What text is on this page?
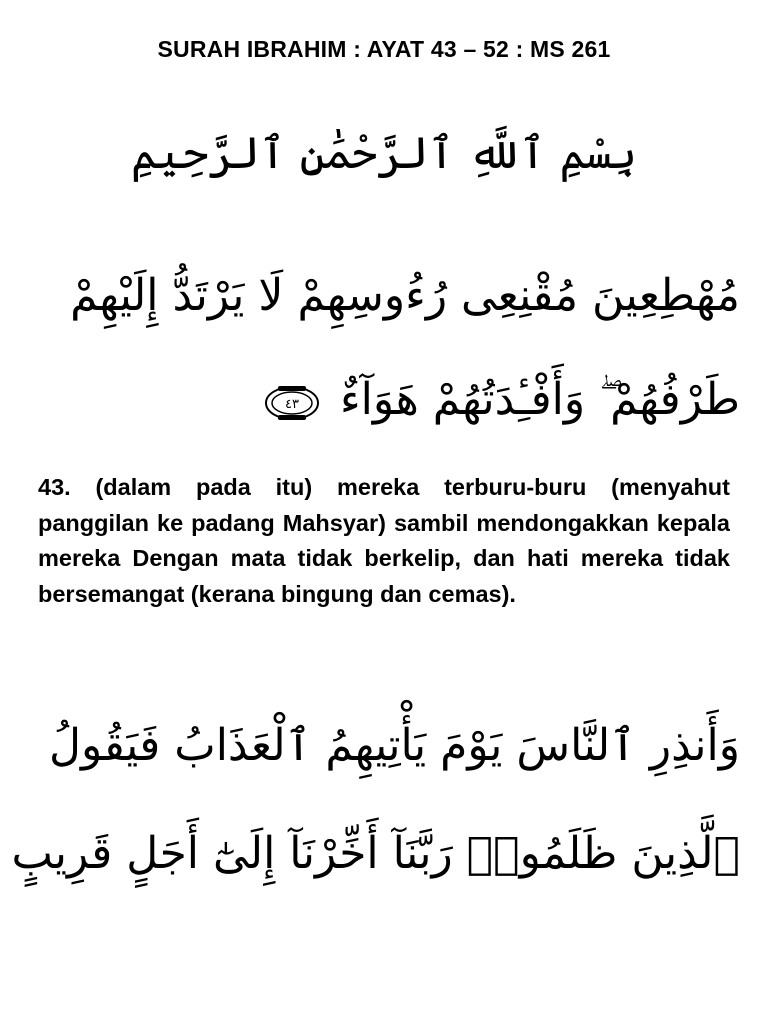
SURAH IBRAHIM : AYAT 43 – 52 : MS 261
بِسْمِ ٱللَّهِ ٱلرَّحْمَٰنِ ٱلرَّحِيمِ
مُهْطِعِينَ مُقْنِعِى رُءُوسِهِمْ لَا يَرْتَدُّ إِلَيْهِمْ
طَرْفُهُمْ ۖ وَأَفْـِٔدَتُهُمْ هَوَآءٌ
٤٣
43. (dalam pada itu) mereka terburu-buru (menyahut panggilan ke padang Mahsyar) sambil mendongakkan kepala mereka Dengan mata tidak berkelip, dan hati mereka tidak bersemangat (kerana bingung dan cemas).
وَأَنذِرِ ٱلنَّاسَ يَوْمَ يَأْتِيهِمُ ٱلْعَذَابُ فَيَقُولُ
ٱلَّذِينَ ظَلَمُوا۟ رَبَّنَآ أَخِّرْنَآ إِلَىٰٓ أَجَلٍ قَرِيبٍ
